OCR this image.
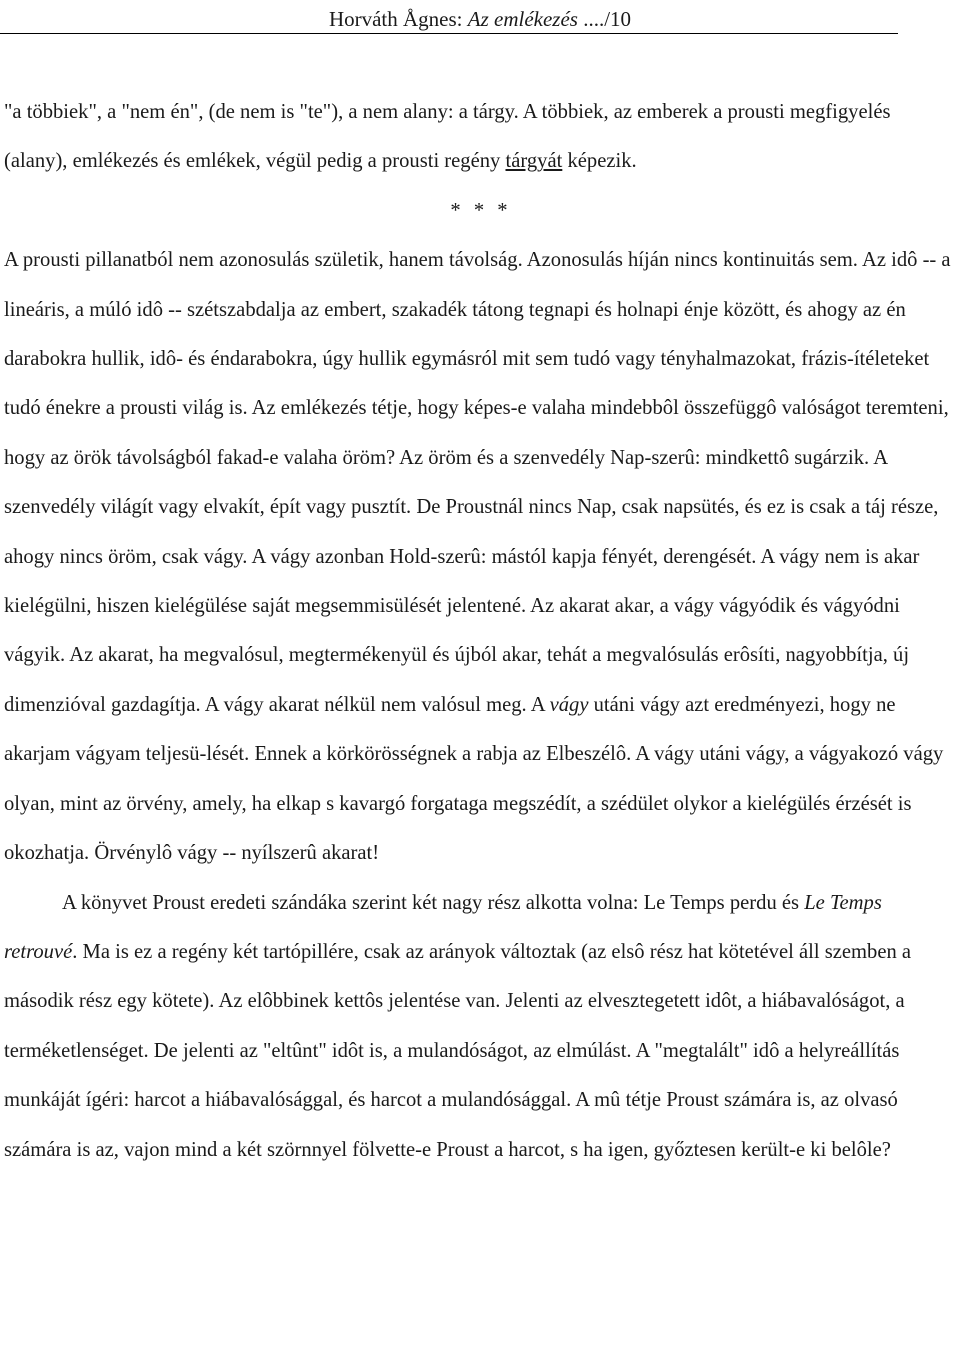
Horváth Ågnes: Az emlékezés ..../10

"a többiek", a "nem én", (de nem is "te"), a nem alany: a tárgy. A többiek, az emberek a prousti megfigyelés (alany), emlékezés és emlékek, végül pedig a prousti regény tárgyát képezik.

* * *

A prousti pillanatból nem azonosulás születik, hanem távolság. Azonosulás híján nincs kontinuitás sem. Az idô -- a lineáris, a múló idô -- szétszabdalja az embert, szakadék tátong tegnapi és holnapi énje között, és ahogy az én darabokra hullik, idô- és éndarabokra, úgy hullik egymásról mit sem tudó vagy tényhalmazokat, frázis-ítéleteket tudó énekre a prousti világ is. Az emlékezés tétje, hogy képes-e valaha mindebbôl összefüggô valóságot teremteni, hogy az örök távolságból fakad-e valaha öröm? Az öröm és a szenvedély Nap-szerû: mindkettô sugárzik. A szenvedély világít vagy elvakít, épít vagy pusztít. De Proustnál nincs Nap, csak napsütés, és ez is csak a táj része, ahogy nincs öröm, csak vágy. A vágy azonban Hold-szerû: mástól kapja fényét, derengését. A vágy nem is akar kielégülni, hiszen kielégülése saját megsemmisülését jelentené. Az akarat akar, a vágy vágyódik és vágyódni vágyik. Az akarat, ha megvalósul, megtermékenyül és újból akar, tehát a megvalósulás erôsíti, nagyobbítja, új dimenzióval gazdagítja. A vágy akarat nélkül nem valósul meg. A vágy utáni vágy azt eredményezi, hogy ne akarjam vágyam teljesü-lését. Ennek a körkörösségnek a rabja az Elbeszélô. A vágy utáni vágy, a vágyakozó vágy olyan, mint az örvény, amely, ha elkap s kavargó forgataga megszédít, a szédület olykor a kielégülés érzését is okozhatja. Örvénylô vágy -- nyílszerû akarat!

A könyvet Proust eredeti szándáka szerint két nagy rész alkotta volna: Le Temps perdu és Le Temps retrouvé. Ma is ez a regény két tartópillére, csak az arányok változtak (az elsô rész hat kötetével áll szemben a második rész egy kötete). Az elôbbinek kettôs jelentése van. Jelenti az elvesztegetett idôt, a hiábavalóságot, a terméketlenséget. De jelenti az "eltûnt" idôt is, a mulandóságot, az elmúlást. A "megtalált" idô a helyreállítás munkáját ígéri: harcot a hiábavalósággal, és harcot a mulandósággal. A mû tétje Proust számára is, az olvasó számára is az, vajon mind a két szörnnyel fölvette-e Proust a harcot, s ha igen, győztesen került-e ki belôle?
